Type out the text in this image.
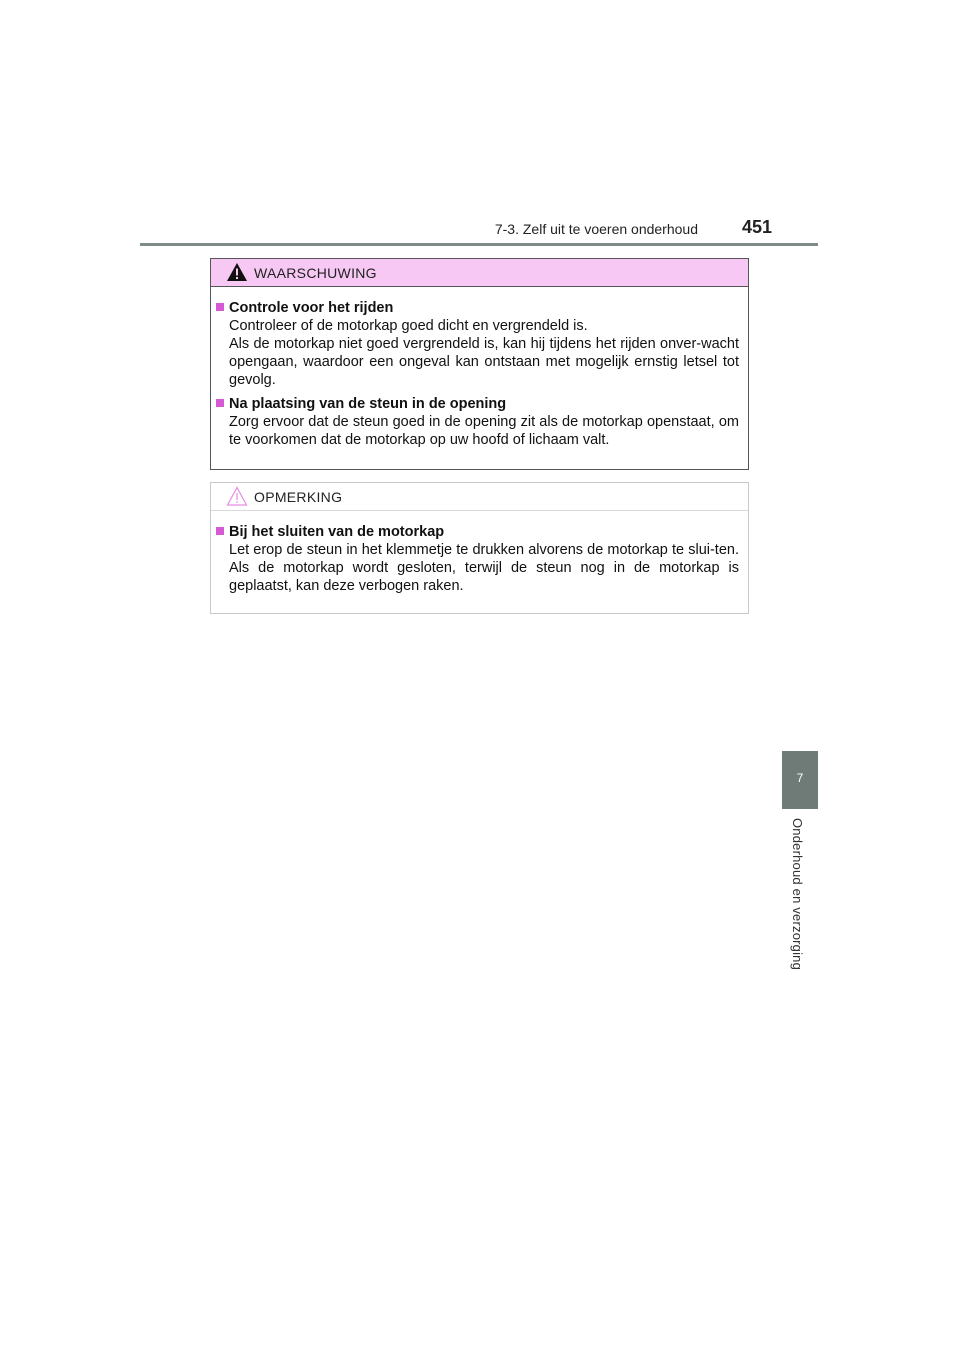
7-3. Zelf uit te voeren onderhoud 451
7
Onderhoud en verzorging
WAARSCHUWING
Controle voor het rijden

Controleer of de motorkap goed dicht en vergrendeld is.

Als de motorkap niet goed vergrendeld is, kan hij tijdens het rijden onver-wacht opengaan, waardoor een ongeval kan ontstaan met mogelijk ernstig letsel tot gevolg.

Na plaatsing van de steun in de opening

Zorg ervoor dat de steun goed in de opening zit als de motorkap openstaat, om te voorkomen dat de motorkap op uw hoofd of lichaam valt.

OPMERKING
Bij het sluiten van de motorkap

Let erop de steun in het klemmetje te drukken alvorens de motorkap te slui-ten. Als de motorkap wordt gesloten, terwijl de steun nog in de motorkap is geplaatst, kan deze verbogen raken.
